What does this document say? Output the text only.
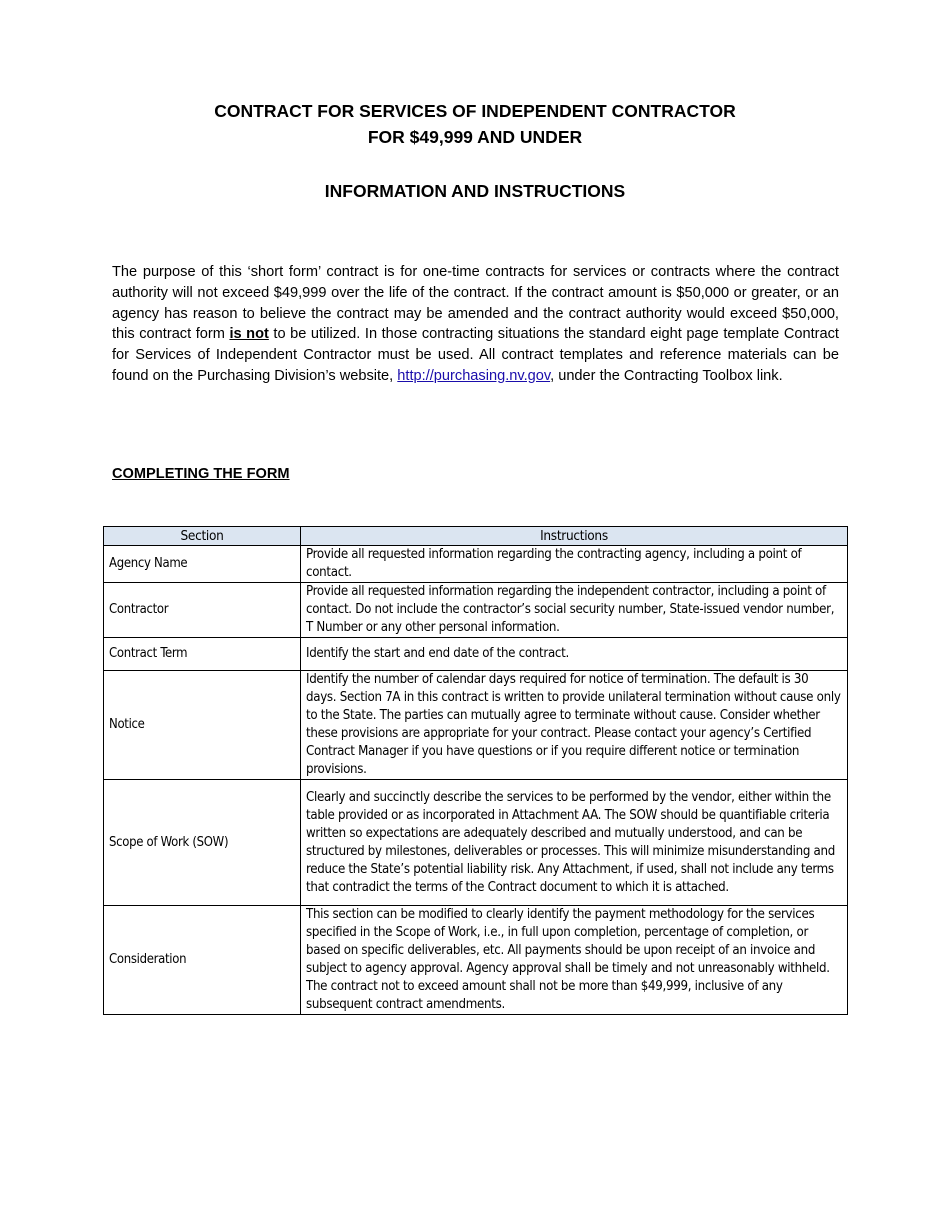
CONTRACT FOR SERVICES OF INDEPENDENT CONTRACTOR
FOR $49,999 AND UNDER
INFORMATION AND INSTRUCTIONS

The purpose of this ‘short form’ contract is for one-time contracts for services or contracts where the contract authority will not exceed $49,999 over the life of the contract. If the contract amount is $50,000 or greater, or an agency has reason to believe the contract may be amended and the contract authority would exceed $50,000, this contract form is not to be utilized. In those contracting situations the standard eight page template Contract for Services of Independent Contractor must be used. All contract templates and reference materials can be found on the Purchasing Division’s website, http://purchasing.nv.gov, under the Contracting Toolbox link.

COMPLETING THE FORM
Section	Instructions
Agency Name	Provide all requested information regarding the contracting agency, including a point of contact.
Contractor	Provide all requested information regarding the independent contractor, including a point of contact. Do not include the contractor’s social security number, State-issued vendor number, T Number or any other personal information.
Contract Term	Identify the start and end date of the contract.
Notice	Identify the number of calendar days required for notice of termination. The default is 30 days. Section 7A in this contract is written to provide unilateral termination without cause only to the State. The parties can mutually agree to terminate without cause. Consider whether these provisions are appropriate for your contract. Please contact your agency’s Certified Contract Manager if you have questions or if you require different notice or termination provisions.
Scope of Work (SOW)	Clearly and succinctly describe the services to be performed by the vendor, either within the table provided or as incorporated in Attachment AA. The SOW should be quantifiable criteria written so expectations are adequately described and mutually understood, and can be structured by milestones, deliverables or processes. This will minimize misunderstanding and reduce the State’s potential liability risk. Any Attachment, if used, shall not include any terms that contradict the terms of the Contract document to which it is attached.
Consideration	This section can be modified to clearly identify the payment methodology for the services specified in the Scope of Work, i.e., in full upon completion, percentage of completion, or based on specific deliverables, etc. All payments should be upon receipt of an invoice and subject to agency approval. Agency approval shall be timely and not unreasonably withheld. The contract not to exceed amount shall not be more than $49,999, inclusive of any subsequent contract amendments.
